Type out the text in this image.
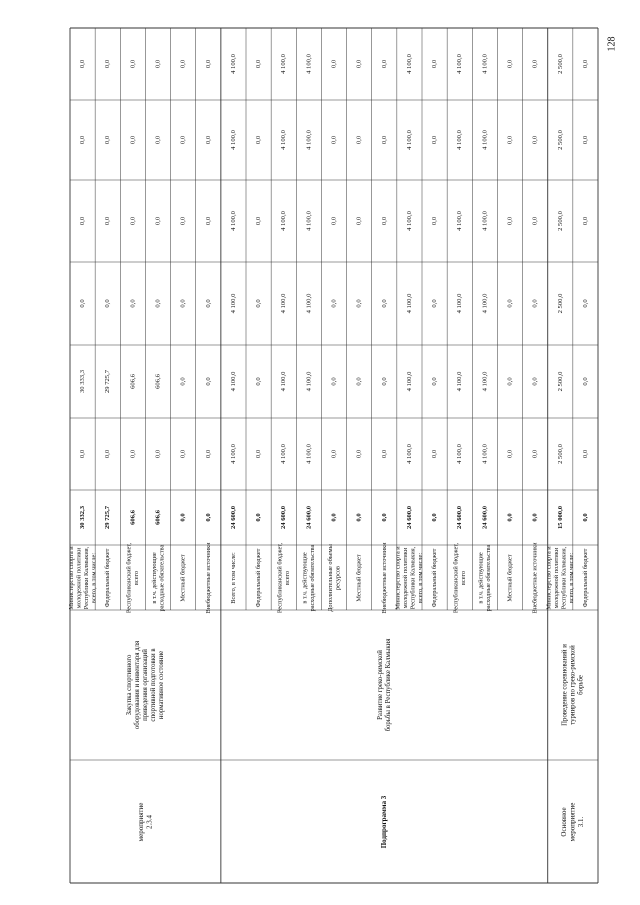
Министерство спорта и молодежной политики Республики Калмыкия, всего, в том числе:
30 332,3
0,0
30 333,3
0,0
0,0
0,0
0,0
Федеральный бюджет
29 725,7
0,0
29 725,7
0,0
0,0
0,0
0,0
Республиканский бюджет, всего
606,6
0,0
606,6
0,0
0,0
0,0
0,0
в т.ч. действующие расходные обязательства
606,6
0,0
606,6
0,0
0,0
0,0
0,0
Местный бюджет
0,0
0,0
0,0
0,0
0,0
0,0
0,0
Внебюджетные источники
0,0
0,0
0,0
0,0
0,0
0,0
0,0
Всего, в том числе:
24 600,0
4 100,0
4 100,0
4 100,0
4 100,0
4 100,0
4 100,0
Федеральный бюджет
0,0
0,0
0,0
0,0
0,0
0,0
0,0
Республиканский бюджет, всего
24 600,0
4 100,0
4 100,0
4 100,0
4 100,0
4 100,0
4 100,0
в т.ч. действующие расходные обязательства
24 600,0
4 100,0
4 100,0
4 100,0
4 100,0
4 100,0
4 100,0
Дополнительные объемы ресурсов
0,0
0,0
0,0
0,0
0,0
0,0
0,0
Местный бюджет
0,0
0,0
0,0
0,0
0,0
0,0
0,0
Внебюджетные источники
0,0
0,0
0,0
0,0
0,0
0,0
0,0
Министерство спорта и молодежной политики Республики Калмыкия, всего, в том числе:
24 600,0
4 100,0
4 100,0
4 100,0
4 100,0
4 100,0
4 100,0
Федеральный бюджет
0,0
0,0
0,0
0,0
0,0
0,0
0,0
Республиканский бюджет, всего
24 600,0
4 100,0
4 100,0
4 100,0
4 100,0
4 100,0
4 100,0
в т.ч. действующие расходные обязательства
24 600,0
4 100,0
4 100,0
4 100,0
4 100,0
4 100,0
4 100,0
Местный бюджет
0,0
0,0
0,0
0,0
0,0
0,0
0,0
Внебюджетные источники
0,0
0,0
0,0
0,0
0,0
0,0
0,0
Министерство спорта и молодежной политики Республики Калмыкия, всего, в том числе:
15 000,0
2 500,0
2 500,0
2 500,0
2 500,0
2 500,0
2 500,0
Федеральный бюджет
0,0
0,0
0,0
0,0
0,0
0,0
0,0
Закупка спортивного оборудования и инвентаря для приведения организаций спортивной подготовки в нормативное состояние
мероприятие 2.3.4
Развитие греко-римской борьбы в Республике Калмыкия
Подпрограмма 3
Проведение соревнований и турниров по греко-римской борьбе
Основное мероприятие 3.1.
128
